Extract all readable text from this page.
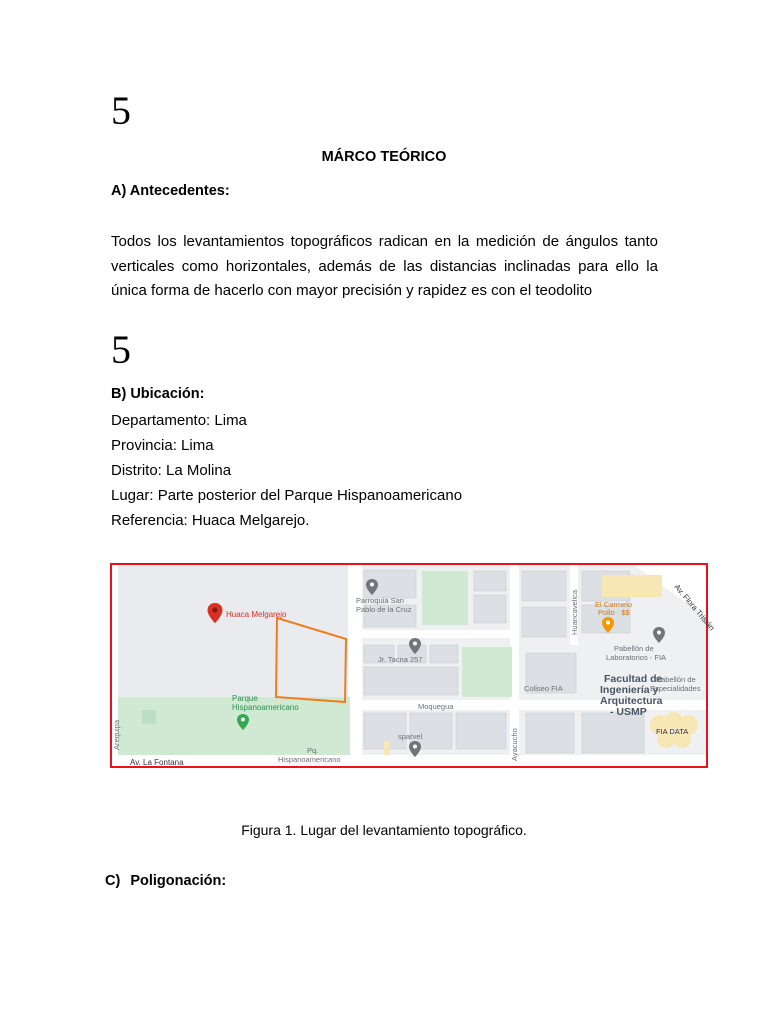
5
MÁRCO TEÓRICO
A) Antecedentes:
Todos los levantamientos topográficos radican en la medición de ángulos tanto verticales como horizontales, además de las distancias inclinadas para ello la única forma de hacerlo con mayor precisión y rapidez es con el teodolito
5
B) Ubicación:
Departamento: Lima
Provincia: Lima
Distrito: La Molina
Lugar: Parte posterior del Parque Hispanoamericano
Referencia: Huaca Melgarejo.
Huaca Melgarejo
Parroquia San
Pablo de la Cruz
Jr. Tacna 257
Parque
Hispanoamericano	Moquegua
Pq.
Hispanoamericano
Av. La Fontana
Arequipa	sparvel	Ayacucho
Huancavelica El Carmelo
Pollo · $$	Av. Flora Tristán
Pabellón de
Laboratorios - FIA
Coliseo FIA
Facultad de
Ingeniería y
Arquitectura
- USMP
Pabellón de
Especialidades
FIA DATA
Figura 1. Lugar del levantamiento topográfico.
C) Poligonación:
